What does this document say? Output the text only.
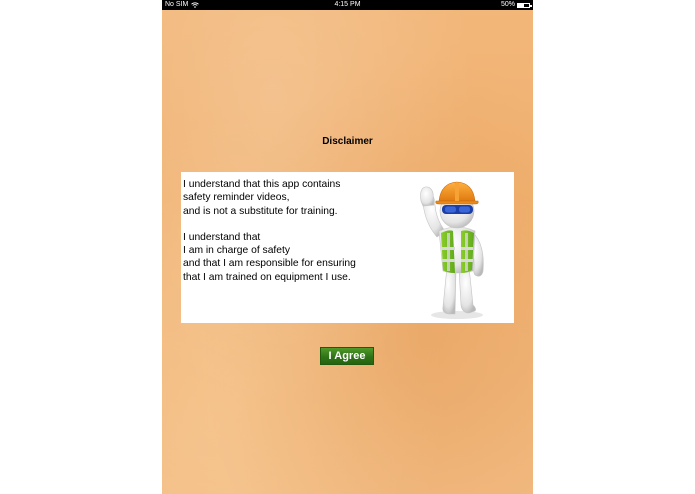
No SIM	4:15 PM	50%
Disclaimer

I understand that this app contains

safety reminder videos,

and is not a substitute for training.

I understand that

I am in charge of safety

and that I am responsible for ensuring

that I am trained on equipment I use.

I Agree
